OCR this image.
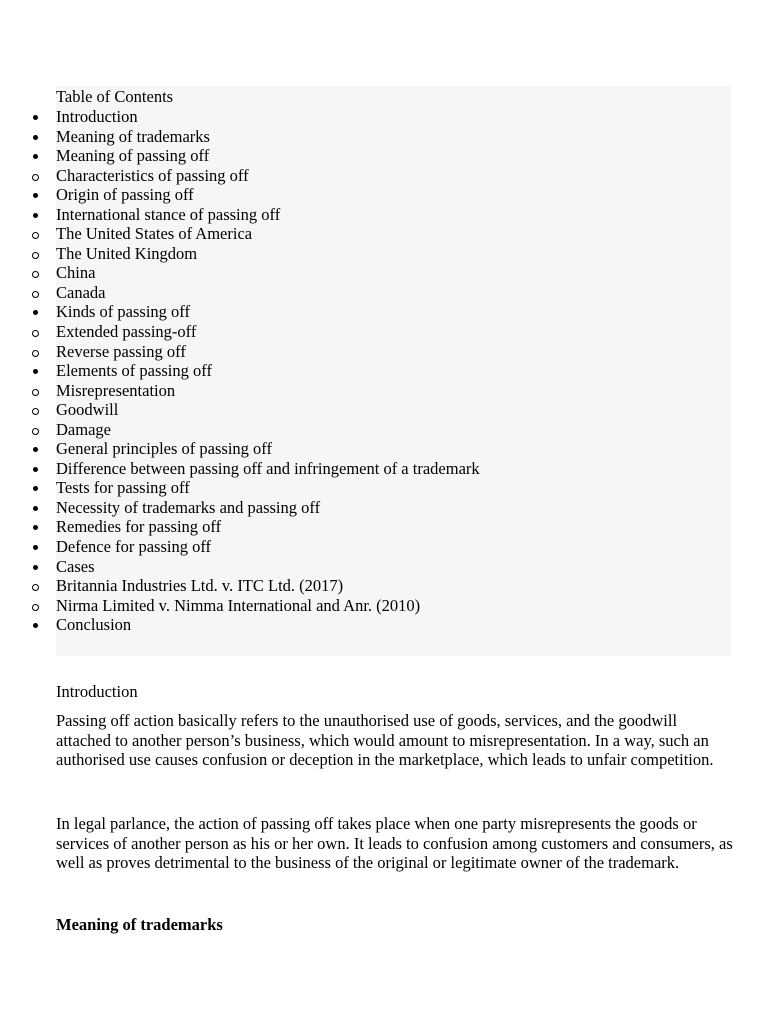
Table of Contents
Introduction
Meaning of trademarks
Meaning of passing off
Characteristics of passing off
Origin of passing off
International stance of passing off
The United States of America
The United Kingdom
China
Canada
Kinds of passing off
Extended passing-off
Reverse passing off
Elements of passing off
Misrepresentation
Goodwill
Damage
General principles of passing off
Difference between passing off and infringement of a trademark
Tests for passing off
Necessity of trademarks and passing off
Remedies for passing off
Defence for passing off
Cases
Britannia Industries Ltd. v. ITC Ltd. (2017)
Nirma Limited v. Nimma International and Anr. (2010)
Conclusion
Introduction

Passing off action basically refers to the unauthorised use of goods, services, and the goodwill attached to another person’s business, which would amount to misrepresentation. In a way, such an authorised use causes confusion or deception in the marketplace, which leads to unfair competition.

In legal parlance, the action of passing off takes place when one party misrepresents the goods or services of another person as his or her own. It leads to confusion among customers and consumers, as well as proves detrimental to the business of the original or legitimate owner of the trademark.

Meaning of trademarks
